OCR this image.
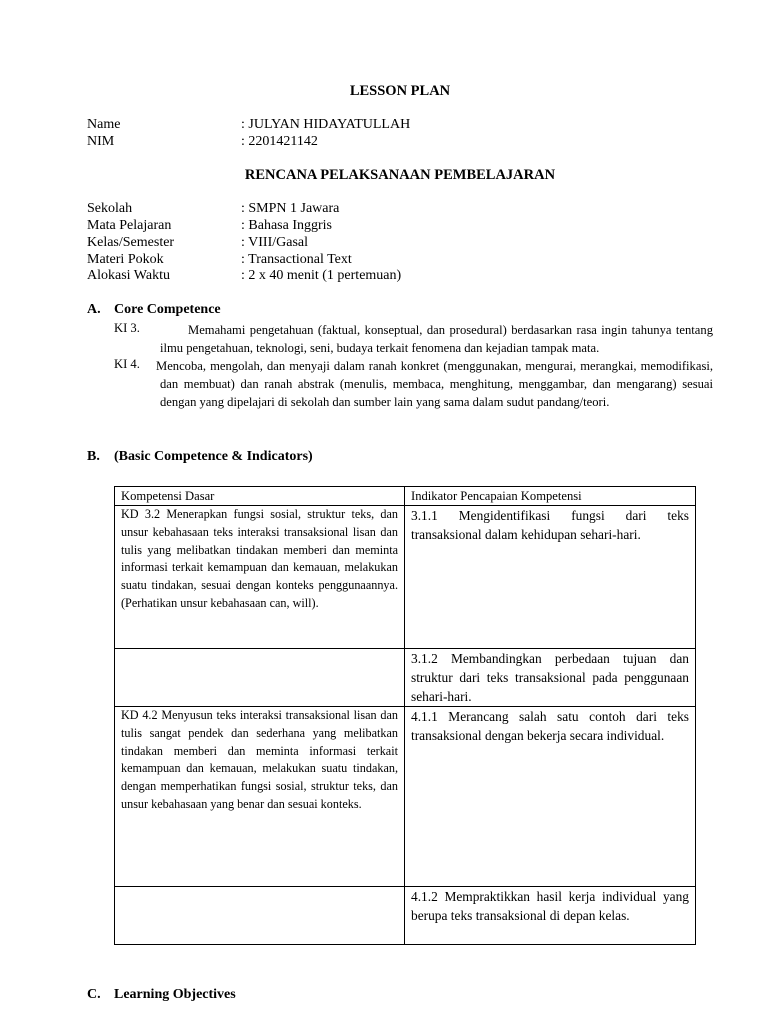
LESSON PLAN
Name	: JULYAN HIDAYATULLAH
NIM	: 2201421142
RENCANA PELAKSANAAN PEMBELAJARAN
Sekolah	: SMPN 1 Jawara
Mata Pelajaran	: Bahasa Inggris
Kelas/Semester	: VIII/Gasal
Materi Pokok	: Transactional Text
Alokasi Waktu	: 2 x 40 menit (1 pertemuan)
A. Core Competence
KI 3.	Memahami pengetahuan (faktual, konseptual, dan prosedural) berdasarkan rasa ingin tahunya tentang ilmu pengetahuan, teknologi, seni, budaya terkait fenomena dan kejadian tampak mata.
KI 4. Mencoba, mengolah, dan menyaji dalam ranah konkret (menggunakan, mengurai, merangkai, memodifikasi, dan membuat) dan ranah abstrak (menulis, membaca, menghitung, menggambar, dan mengarang) sesuai dengan yang dipelajari di sekolah dan sumber lain yang sama dalam sudut pandang/teori.
B. (Basic Competence & Indicators)
Kompetensi Dasar	Indikator Pencapaian Kompetensi
KD 3.2 Menerapkan fungsi sosial, struktur teks, dan unsur kebahasaan teks interaksi transaksional lisan dan tulis yang melibatkan tindakan memberi dan meminta informasi terkait kemampuan dan kemauan, melakukan suatu tindakan, sesuai dengan konteks penggunaannya. (Perhatikan unsur kebahasaan can, will).	3.1.1 Mengidentifikasi fungsi dari teks transaksional dalam kehidupan sehari-hari.
	3.1.2 Membandingkan perbedaan tujuan dan struktur dari teks transaksional pada penggunaan sehari-hari.
KD 4.2 Menyusun teks interaksi transaksional lisan dan tulis sangat pendek dan sederhana yang melibatkan tindakan memberi dan meminta informasi terkait kemampuan dan kemauan, melakukan suatu tindakan, dengan memperhatikan fungsi sosial, struktur teks, dan unsur kebahasaan yang benar dan sesuai konteks.	4.1.1 Merancang salah satu contoh dari teks transaksional dengan bekerja secara individual.
	4.1.2 Mempraktikkan hasil kerja individual yang berupa teks transaksional di depan kelas.
C. Learning Objectives
